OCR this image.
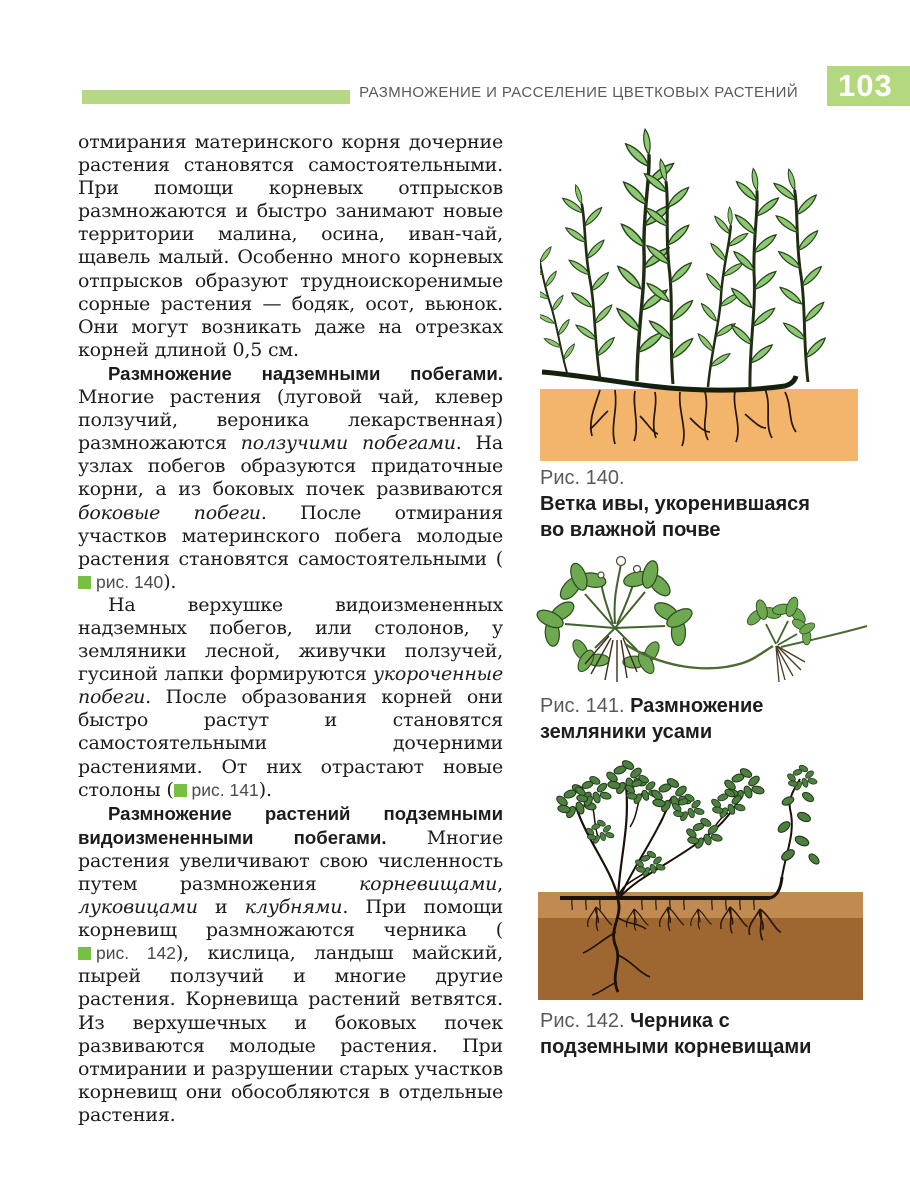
РАЗМНОЖЕНИЕ И РАССЕЛЕНИЕ ЦВЕТКОВЫХ РАСТЕНИЙ	103

отмирания материнского корня дочерние растения становятся самостоятельными. При помощи корневых отпрысков размножаются и быстро занимают новые территории малина, осина, иван-чай, щавель малый. Особенно много корневых отпрысков образуют трудноискоренимые сорные растения — бодяк, осот, вьюнок. Они могут возникать даже на отрезках корней длиной 0,5 см.

Размножение надземными побегами. Многие растения (луговой чай, клевер ползучий, вероника лекарственная) размножаются ползучими побегами. На узлах побегов образуются придаточные корни, а из боковых почек развиваются боковые побеги. После отмирания участков материнского побега молодые растения становятся самостоятельными (рис. 140).

На верхушке видоизмененных надземных побегов, или столонов, у земляники лесной, живучки ползучей, гусиной лапки формируются укороченные побеги. После образования корней они быстро растут и становятся самостоятельными дочерними растениями. От них отрастают новые столоны ( рис. 141).

Размножение растений подземными видоизмененными побегами. Многие растения увеличивают свою численность путем размножения корневищами, луковицами и клубнями. При помощи корневищ размножаются черника (рис. 142), кислица, ландыш майский, пырей ползучий и многие другие растения. Корневища растений ветвятся. Из верхушечных и боковых почек развиваются молодые растения. При отмирании и разрушении старых участков корневищ они обособляются в отдельные растения.

Рис. 140.
Ветка ивы, укоренившаяся во влажной почве
Рис. 141. Размножение земляники усами
Рис. 142. Черника с подземными корневищами
